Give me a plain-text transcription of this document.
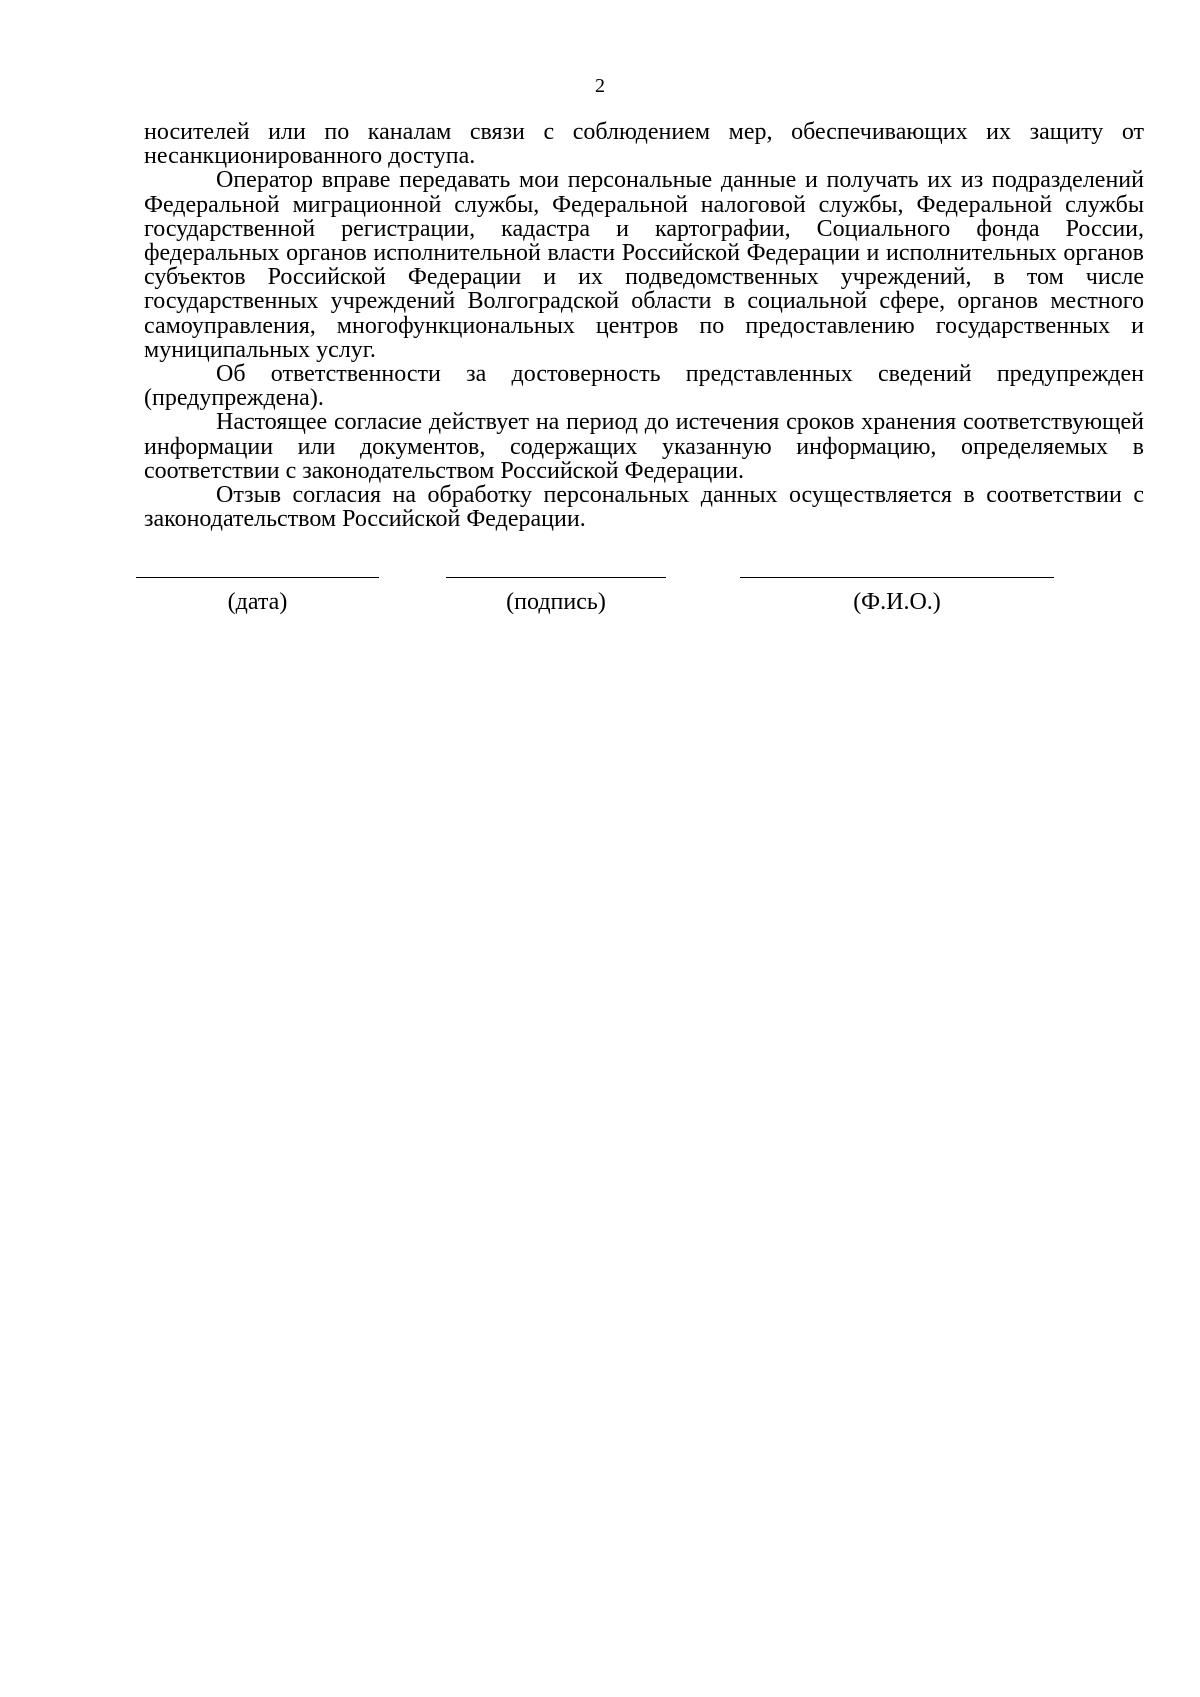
2

носителей или по каналам связи с соблюдением мер, обеспечивающих их защиту от несанкционированного доступа.

Оператор вправе передавать мои персональные данные и получать их из подразделений Федеральной миграционной службы, Федеральной налоговой службы, Федеральной службы государственной регистрации, кадастра и картографии, Социального фонда России, федеральных органов исполнительной власти Российской Федерации и исполнительных органов субъектов Российской Федерации и их подведомственных учреждений, в том числе государственных учреждений Волгоградской области в социальной сфере, органов местного самоуправления, многофункциональных центров по предоставлению государственных и муниципальных услуг.

Об ответственности за достоверность представленных сведений предупрежден (предупреждена).

Настоящее согласие действует на период до истечения сроков хранения соответствующей информации или документов, содержащих указанную информацию, определяемых в соответствии с законодательством Российской Федерации.

Отзыв согласия на обработку персональных данных осуществляется в соответствии с законодательством Российской Федерации.

(дата)	(подпись)	(Ф.И.О.)
